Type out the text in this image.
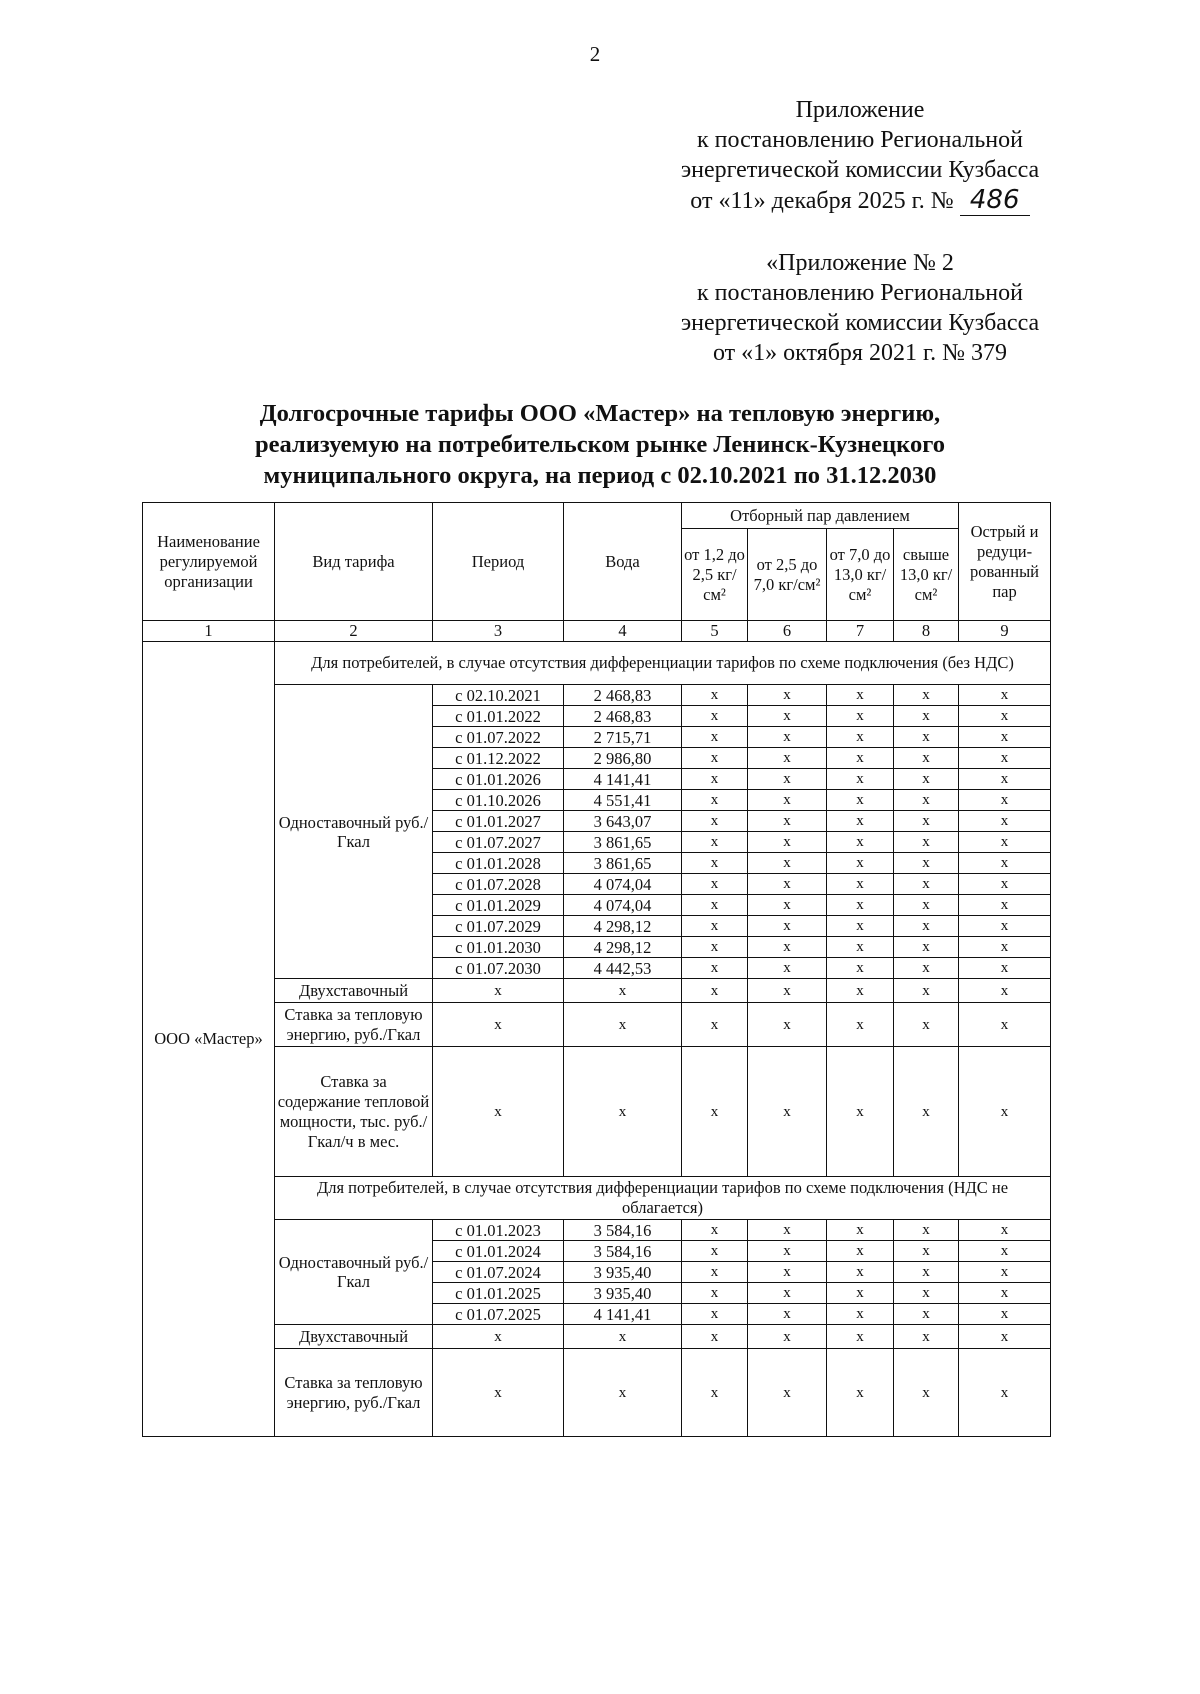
2
Приложение
к постановлению Региональной
энергетической комиссии Кузбасса
от «11» декабря 2025 г. № 486
«Приложение № 2
к постановлению Региональной
энергетической комиссии Кузбасса
от «1» октября 2021 г. № 379
Долгосрочные тарифы ООО «Мастер» на тепловую энергию,
реализуемую на потребительском рынке Ленинск-Кузнецкого
муниципального округа, на период с 02.10.2021 по 31.12.2030
Наименование регулируемой организации	Вид тарифа	Период	Вода	Отборный пар давлением				Острый и редуци-рованный пар
				от 1,2 до 2,5 кг/см²	от 2,5 до 7,0 кг/см²	от 7,0 до 13,0 кг/см²	свыше 13,0 кг/см²	
1	2	3	4	5	6	7	8	9
ООО «Мастер»	Для потребителей, в случае отсутствия дифференциации тарифов по схеме подключения (без НДС)							
	Одноставочный руб./Гкал	с 02.10.2021	2 468,83	x	x	x	x	x
		с 01.01.2022	2 468,83	x	x	x	x	x
		с 01.07.2022	2 715,71	x	x	x	x	x
		с 01.12.2022	2 986,80	x	x	x	x	x
		с 01.01.2026	4 141,41	x	x	x	x	x
		с 01.10.2026	4 551,41	x	x	x	x	x
		с 01.01.2027	3 643,07	x	x	x	x	x
		с 01.07.2027	3 861,65	x	x	x	x	x
		с 01.01.2028	3 861,65	x	x	x	x	x
		с 01.07.2028	4 074,04	x	x	x	x	x
		с 01.01.2029	4 074,04	x	x	x	x	x
		с 01.07.2029	4 298,12	x	x	x	x	x
		с 01.01.2030	4 298,12	x	x	x	x	x
		с 01.07.2030	4 442,53	x	x	x	x	x
	Двухставочный	x	x	x	x	x	x	x
	Ставка за тепловую энергию, руб./Гкал	x	x	x	x	x	x	x
	Ставка за содержание тепловой мощности, тыс. руб./Гкал/ч в мес.	x	x	x	x	x	x	x
	Для потребителей, в случае отсутствия дифференциации тарифов по схеме подключения (НДС не облагается)							
	Одноставочный руб./Гкал	с 01.01.2023	3 584,16	x	x	x	x	x
		с 01.01.2024	3 584,16	x	x	x	x	x
		с 01.07.2024	3 935,40	x	x	x	x	x
		с 01.01.2025	3 935,40	x	x	x	x	x
		с 01.07.2025	4 141,41	x	x	x	x	x
	Двухставочный	x	x	x	x	x	x	x
	Ставка за тепловую энергию, руб./Гкал	x	x	x	x	x	x	x
